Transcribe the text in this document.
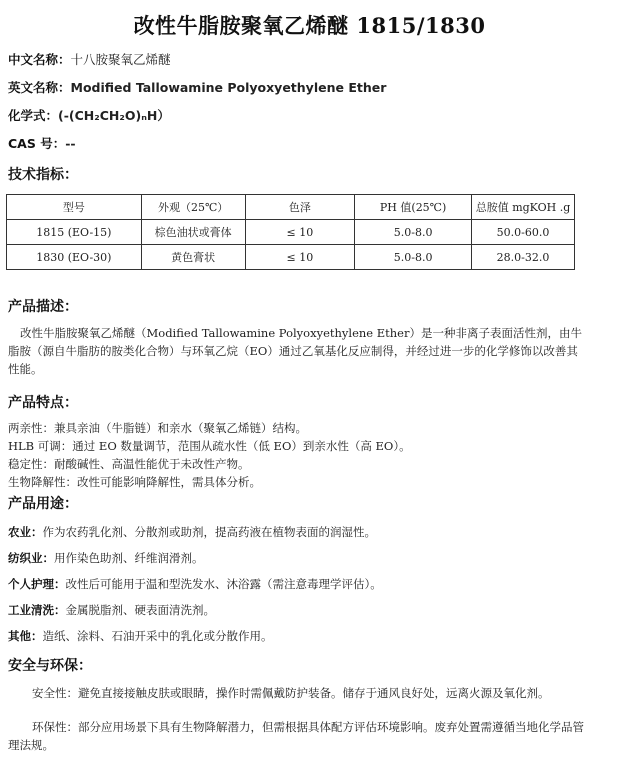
改性牛脂胺聚氧乙烯醚 1815/1830
中文名称：十八胺聚氧乙烯醚
英文名称：Modified Tallowamine Polyoxyethylene Ether
化学式：(-(CH₂CH₂O)ₙH）
CAS 号：--
技术指标：
型号	外观（25℃）	色泽	PH 值(25℃)	总胺值 mgKOH .g
1815 (EO-15)	棕色油状或膏体	≤ 10	5.0-8.0	50.0-60.0
1830 (EO-30)	黄色膏状	≤ 10	5.0-8.0	28.0-32.0
产品描述：
改性牛脂胺聚氧乙烯醚（Modified Tallowamine Polyoxyethylene Ether）是一种非离子表面活性剂，由牛脂胺（源自牛脂肪的胺类化合物）与环氧乙烷（EO）通过乙氧基化反应制得，并经过进一步的化学修饰以改善其性能。
产品特点：
两亲性：兼具亲油（牛脂链）和亲水（聚氧乙烯链）结构。
HLB 可调：通过 EO 数量调节，范围从疏水性（低 EO）到亲水性（高 EO）。
稳定性：耐酸碱性、高温性能优于未改性产物。
生物降解性：改性可能影响降解性，需具体分析。
产品用途：
农业：作为农药乳化剂、分散剂或助剂，提高药液在植物表面的润湿性。
纺织业：用作染色助剂、纤维润滑剂。
个人护理：改性后可能用于温和型洗发水、沐浴露（需注意毒理学评估）。
工业清洗：金属脱脂剂、硬表面清洗剂。
其他：造纸、涂料、石油开采中的乳化或分散作用。
安全与环保：
安全性：避免直接接触皮肤或眼睛，操作时需佩戴防护装备。储存于通风良好处，远离火源及氧化剂。
环保性：部分应用场景下具有生物降解潜力，但需根据具体配方评估环境影响。废弃处置需遵循当地化学品管理法规。
